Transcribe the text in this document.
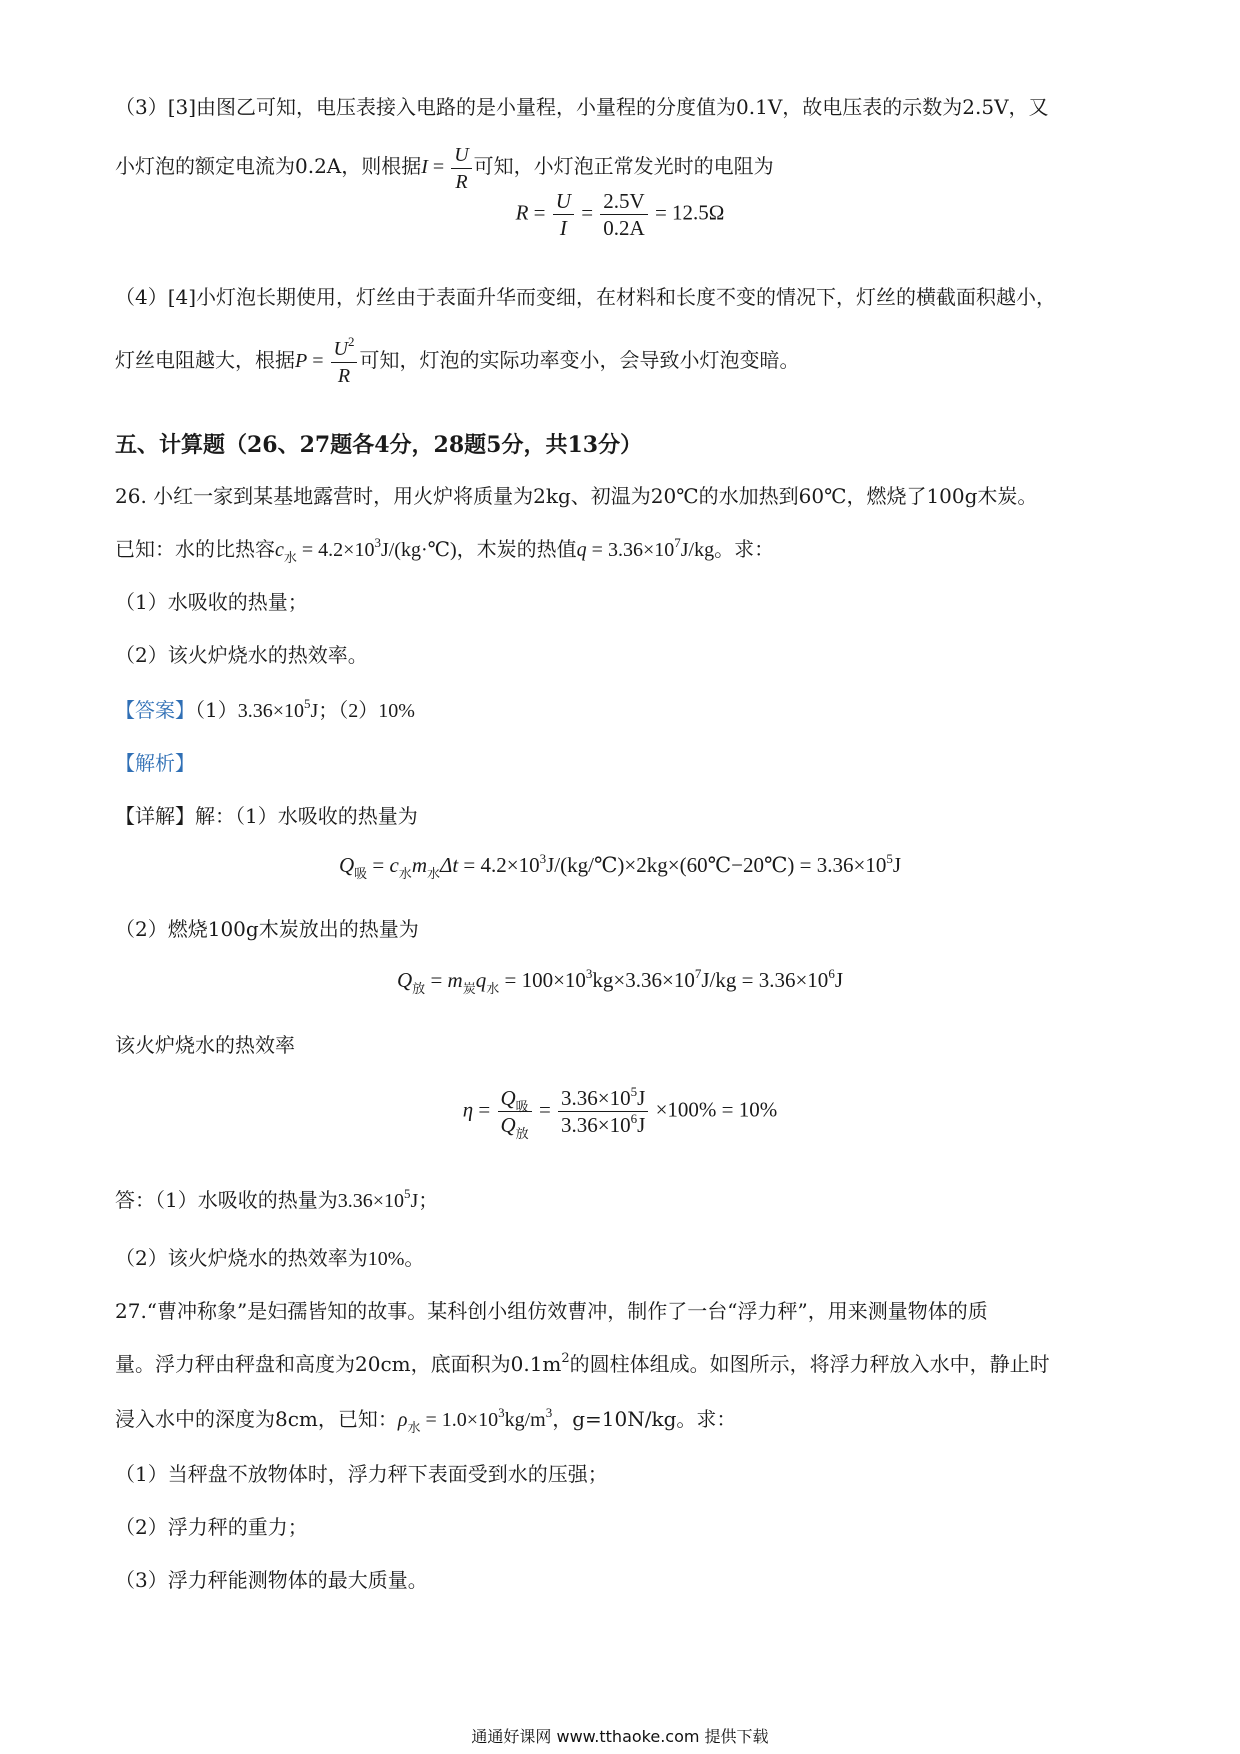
（3）[3]由图乙可知，电压表接入电路的是小量程，小量程的分度值为0.1V，故电压表的示数为2.5V，又
小灯泡的额定电流为0.2A，则根据$I = \frac{U}{R}$ 可知，小灯泡正常发光时的电阻为
$R = \frac{U}{I} = \frac{2.5V}{0.2A} = 12.5\Omega$
（4）[4]小灯泡长期使用，灯丝由于表面升华而变细，在材料和长度不变的情况下，灯丝的横截面积越小，
灯丝电阻越大，根据$P = \frac{U^2}{R}$ 可知，灯泡的实际功率变小，会导致小灯泡变暗。
五、计算题（26、27题各4分，28题5分，共13分）
26. 小红一家到某基地露营时，用火炉将质量为2kg、初温为20℃的水加热到60℃，燃烧了100g木炭。
已知：水的比热容$c_水$ = $4.2\times 10^3J/(kg\cdot℃)$，木炭的热值$q = 3.36\times 10^7J/kg$。求：
（1）水吸收的热量；
（2）该火炉烧水的热效率。
【答案】$(1)3.36\times 10^5J$；（2）10%
【解析】
【详解】解：（1）水吸收的热量为
$Q_吸 = c_水m_水\Delta t$ = $4.2\times 10^3J/(kg/℃)\times 2kg\times(60℃-20℃) = 3.36\times 10^5J$
（2）燃烧100g木炭放出的热量为
$Q_放 = m_炭q_水 = 100\times 10^3kg\times 3.36\times 10^7J/kg = 3.36\times 10^6J$
该火炉烧水的热效率
$\eta = \frac{Q_吸}{Q_放} = \frac{3.36\times 10^5J}{3.36\times 10^6J} \times 100\% = 10\%$
答：（1）水吸收的热量为$3.36\times 10^5J$；
（2）该火炉烧水的热效率为10%。
27.“曹冲称象”是妇孺皆知的故事。某科创小组仿效曹冲，制作了一台“浮力秤”，用来测量物体的质
量。浮力秤由秤盘和高度为20cm，底面积为$0.1m^2$的圆柱体组成。如图所示，将浮力秤放入水中，静止时
浸入水中的深度为8cm，已知：$\rho_水 = 1.0\times 10^3kg/m^3$，g=10N/kg。求：
（1）当秤盘不放物体时，浮力秤下表面受到水的压强；
（2）浮力秤的重力；
（3）浮力秤能测物体的最大质量。
通通好课网 www.tthaoke.com 提供下载
